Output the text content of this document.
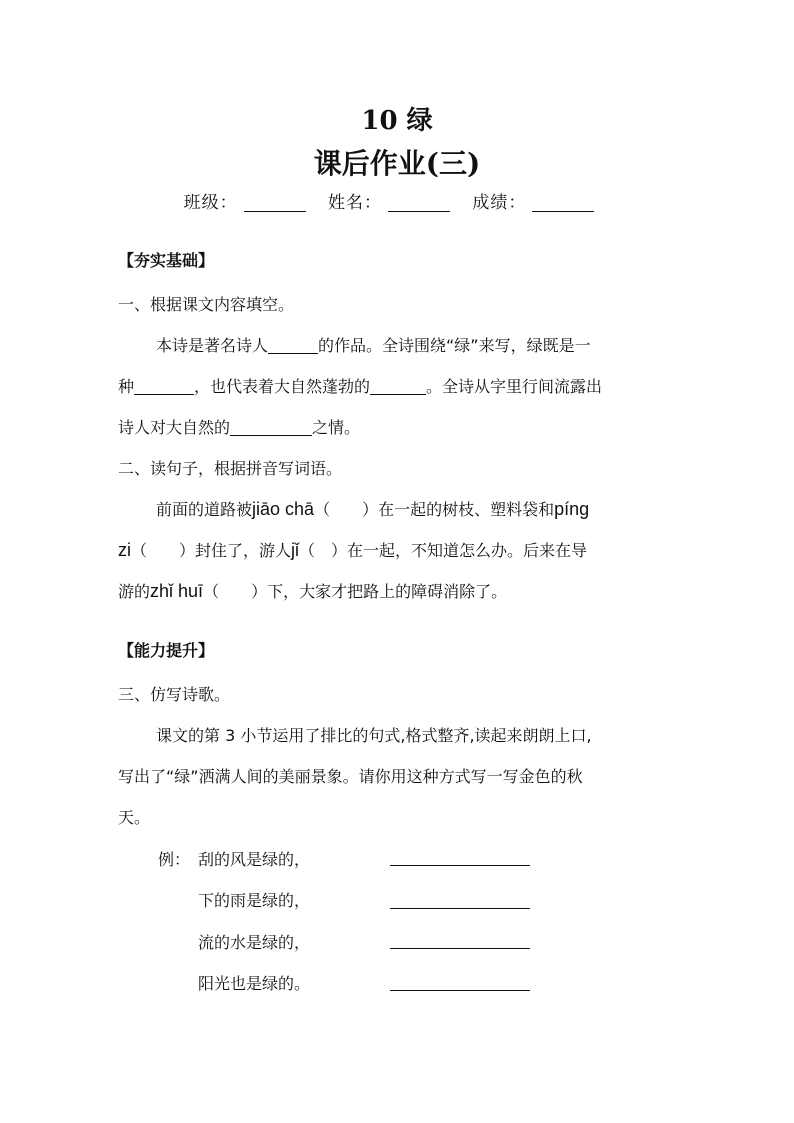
10 绿
课后作业(三)
班级：	姓名：	成绩：
【夯实基础】
一、根据课文内容填空。
本诗是著名诗人	的作品。全诗围绕“绿”来写，绿既是一
种	，也代表着大自然蓬勃的	。全诗从字里行间流露出
诗人对大自然的	之情。
二、读句子，根据拼音写词语。
前面的道路被jiāo chā（　　）在一起的树枝、塑料袋和píng
zi（　　）封住了，游人jǐ（　）在一起，不知道怎么办。后来在导
游的zhǐ huī（　　）下，大家才把路上的障碍消除了。
【能力提升】
三、仿写诗歌。
课文的第 3 小节运用了排比的句式,格式整齐,读起来朗朗上口,
写出了“绿”洒满人间的美丽景象。请你用这种方式写一写金色的秋
天。
例： 刮的风是绿的，
下的雨是绿的，
流的水是绿的，
阳光也是绿的。
